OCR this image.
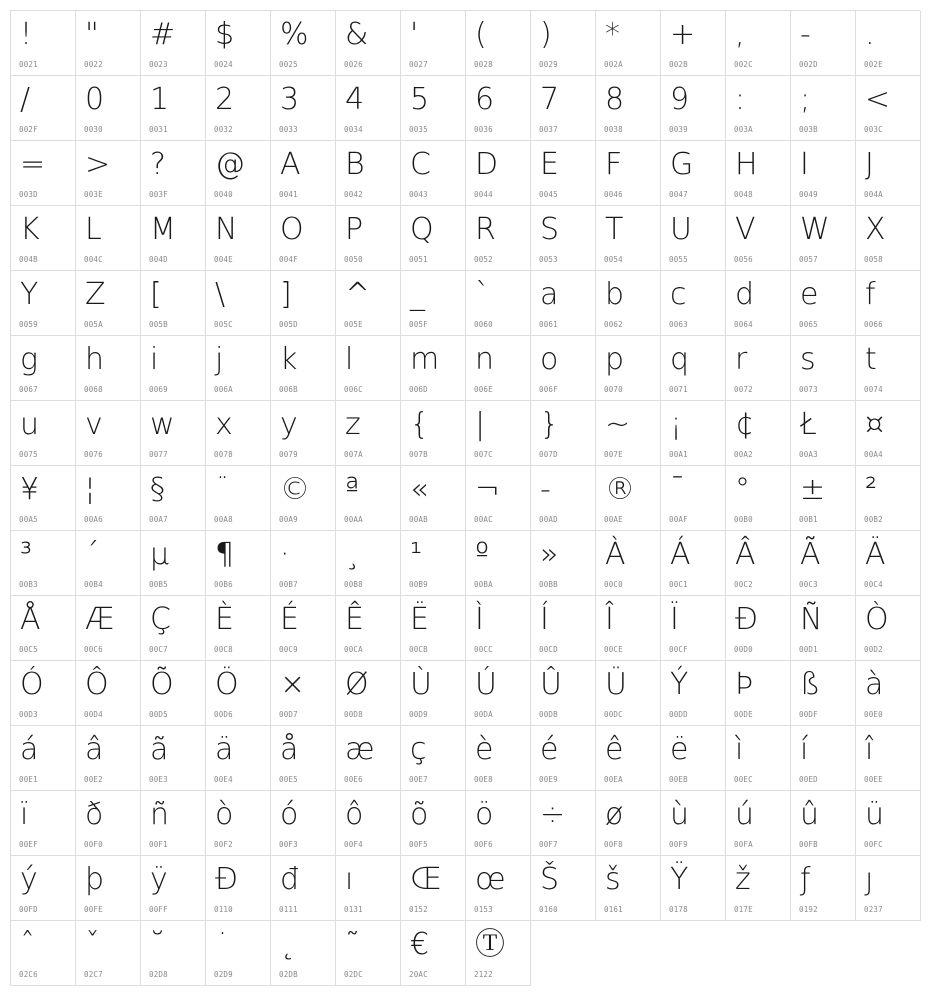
!
0021
"
0022
#
0023
$
0024
%
0025
&
0026
'
0027
(
0028
)
0029
*
002A
+
002B
,
002C
-
002D
.
002E
/
002F
0
0030
1
0031
2
0032
3
0033
4
0034
5
0035
6
0036
7
0037
8
0038
9
0039
:
003A
;
003B
<
003C
=
003D
>
003E
?
003F
@
0040
A
0041
B
0042
C
0043
D
0044
E
0045
F
0046
G
0047
H
0048
I
0049
J
004A
K
004B
L
004C
M
004D
N
004E
O
004F
P
0050
Q
0051
R
0052
S
0053
T
0054
U
0055
V
0056
W
0057
X
0058
Y
0059
Z
005A
[
005B
\
005C
]
005D
^
005E
_
005F
`
0060
a
0061
b
0062
c
0063
d
0064
e
0065
f
0066
g
0067
h
0068
i
0069
j
006A
k
006B
l
006C
m
006D
n
006E
o
006F
p
0070
q
0071
r
0072
s
0073
t
0074
u
0075
v
0076
w
0077
x
0078
y
0079
z
007A
{
007B
|
007C
}
007D
~
007E
¡
00A1
¢
00A2
Ł
00A3
¤
00A4
¥
00A5
¦
00A6
§
00A7
¨
00A8
©
00A9
ª
00AA
«
00AB
¬
00AC
-
00AD
®
00AE
¯
00AF
°
00B0
±
00B1
²
00B2
³
00B3
´
00B4
µ
00B5
¶
00B6
·
00B7
¸
00B8
¹
00B9
º
00BA
»
00BB
À
00C0
Á
00C1
Â
00C2
Ã
00C3
Ä
00C4
Å
00C5
Æ
00C6
Ç
00C7
È
00C8
É
00C9
Ê
00CA
Ë
00CB
Ì
00CC
Í
00CD
Î
00CE
Ï
00CF
Đ
00D0
Ñ
00D1
Ò
00D2
Ó
00D3
Ô
00D4
Õ
00D5
Ö
00D6
×
00D7
Ø
00D8
Ù
00D9
Ú
00DA
Û
00DB
Ü
00DC
Ý
00DD
Þ
00DE
ß
00DF
à
00E0
á
00E1
â
00E2
ã
00E3
ä
00E4
å
00E5
æ
00E6
ç
00E7
è
00E8
é
00E9
ê
00EA
ë
00EB
ì
00EC
í
00ED
î
00EE
ï
00EF
ð
00F0
ñ
00F1
ò
00F2
ó
00F3
ô
00F4
õ
00F5
ö
00F6
÷
00F7
ø
00F8
ù
00F9
ú
00FA
û
00FB
ü
00FC
ý
00FD
þ
00FE
ÿ
00FF
Đ
0110
đ
0111
ı
0131
Œ
0152
œ
0153
Š
0160
š
0161
Ÿ
0178
ž
017E
ƒ
0192
ȷ
0237
ˆ
02C6
ˇ
02C7
˘
02D8
˙
02D9
˛
02DB
˜
02DC
€
20AC
Ⓣ
2122
